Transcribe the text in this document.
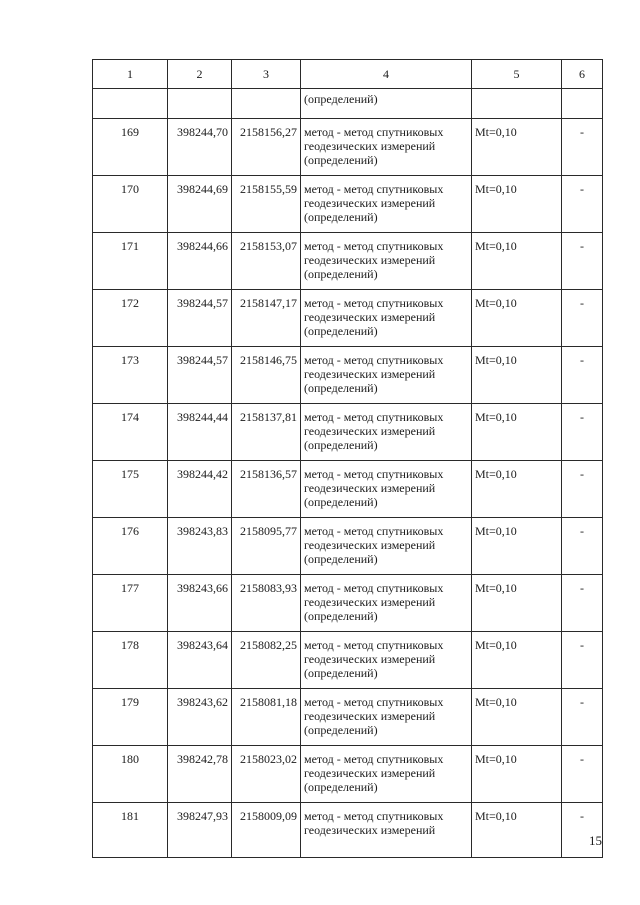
1	2	3	4	5	6
			(определений)		
169	398244,70	2158156,27	метод - метод спутниковых
геодезических измерений
(определений)	Mt=0,10	-
170	398244,69	2158155,59	метод - метод спутниковых
геодезических измерений
(определений)	Mt=0,10	-
171	398244,66	2158153,07	метод - метод спутниковых
геодезических измерений
(определений)	Mt=0,10	-
172	398244,57	2158147,17	метод - метод спутниковых
геодезических измерений
(определений)	Mt=0,10	-
173	398244,57	2158146,75	метод - метод спутниковых
геодезических измерений
(определений)	Mt=0,10	-
174	398244,44	2158137,81	метод - метод спутниковых
геодезических измерений
(определений)	Mt=0,10	-
175	398244,42	2158136,57	метод - метод спутниковых
геодезических измерений
(определений)	Mt=0,10	-
176	398243,83	2158095,77	метод - метод спутниковых
геодезических измерений
(определений)	Mt=0,10	-
177	398243,66	2158083,93	метод - метод спутниковых
геодезических измерений
(определений)	Mt=0,10	-
178	398243,64	2158082,25	метод - метод спутниковых
геодезических измерений
(определений)	Mt=0,10	-
179	398243,62	2158081,18	метод - метод спутниковых
геодезических измерений
(определений)	Mt=0,10	-
180	398242,78	2158023,02	метод - метод спутниковых
геодезических измерений
(определений)	Mt=0,10	-
181	398247,93	2158009,09	метод - метод спутниковых
геодезических измерений	Mt=0,10	-
15
